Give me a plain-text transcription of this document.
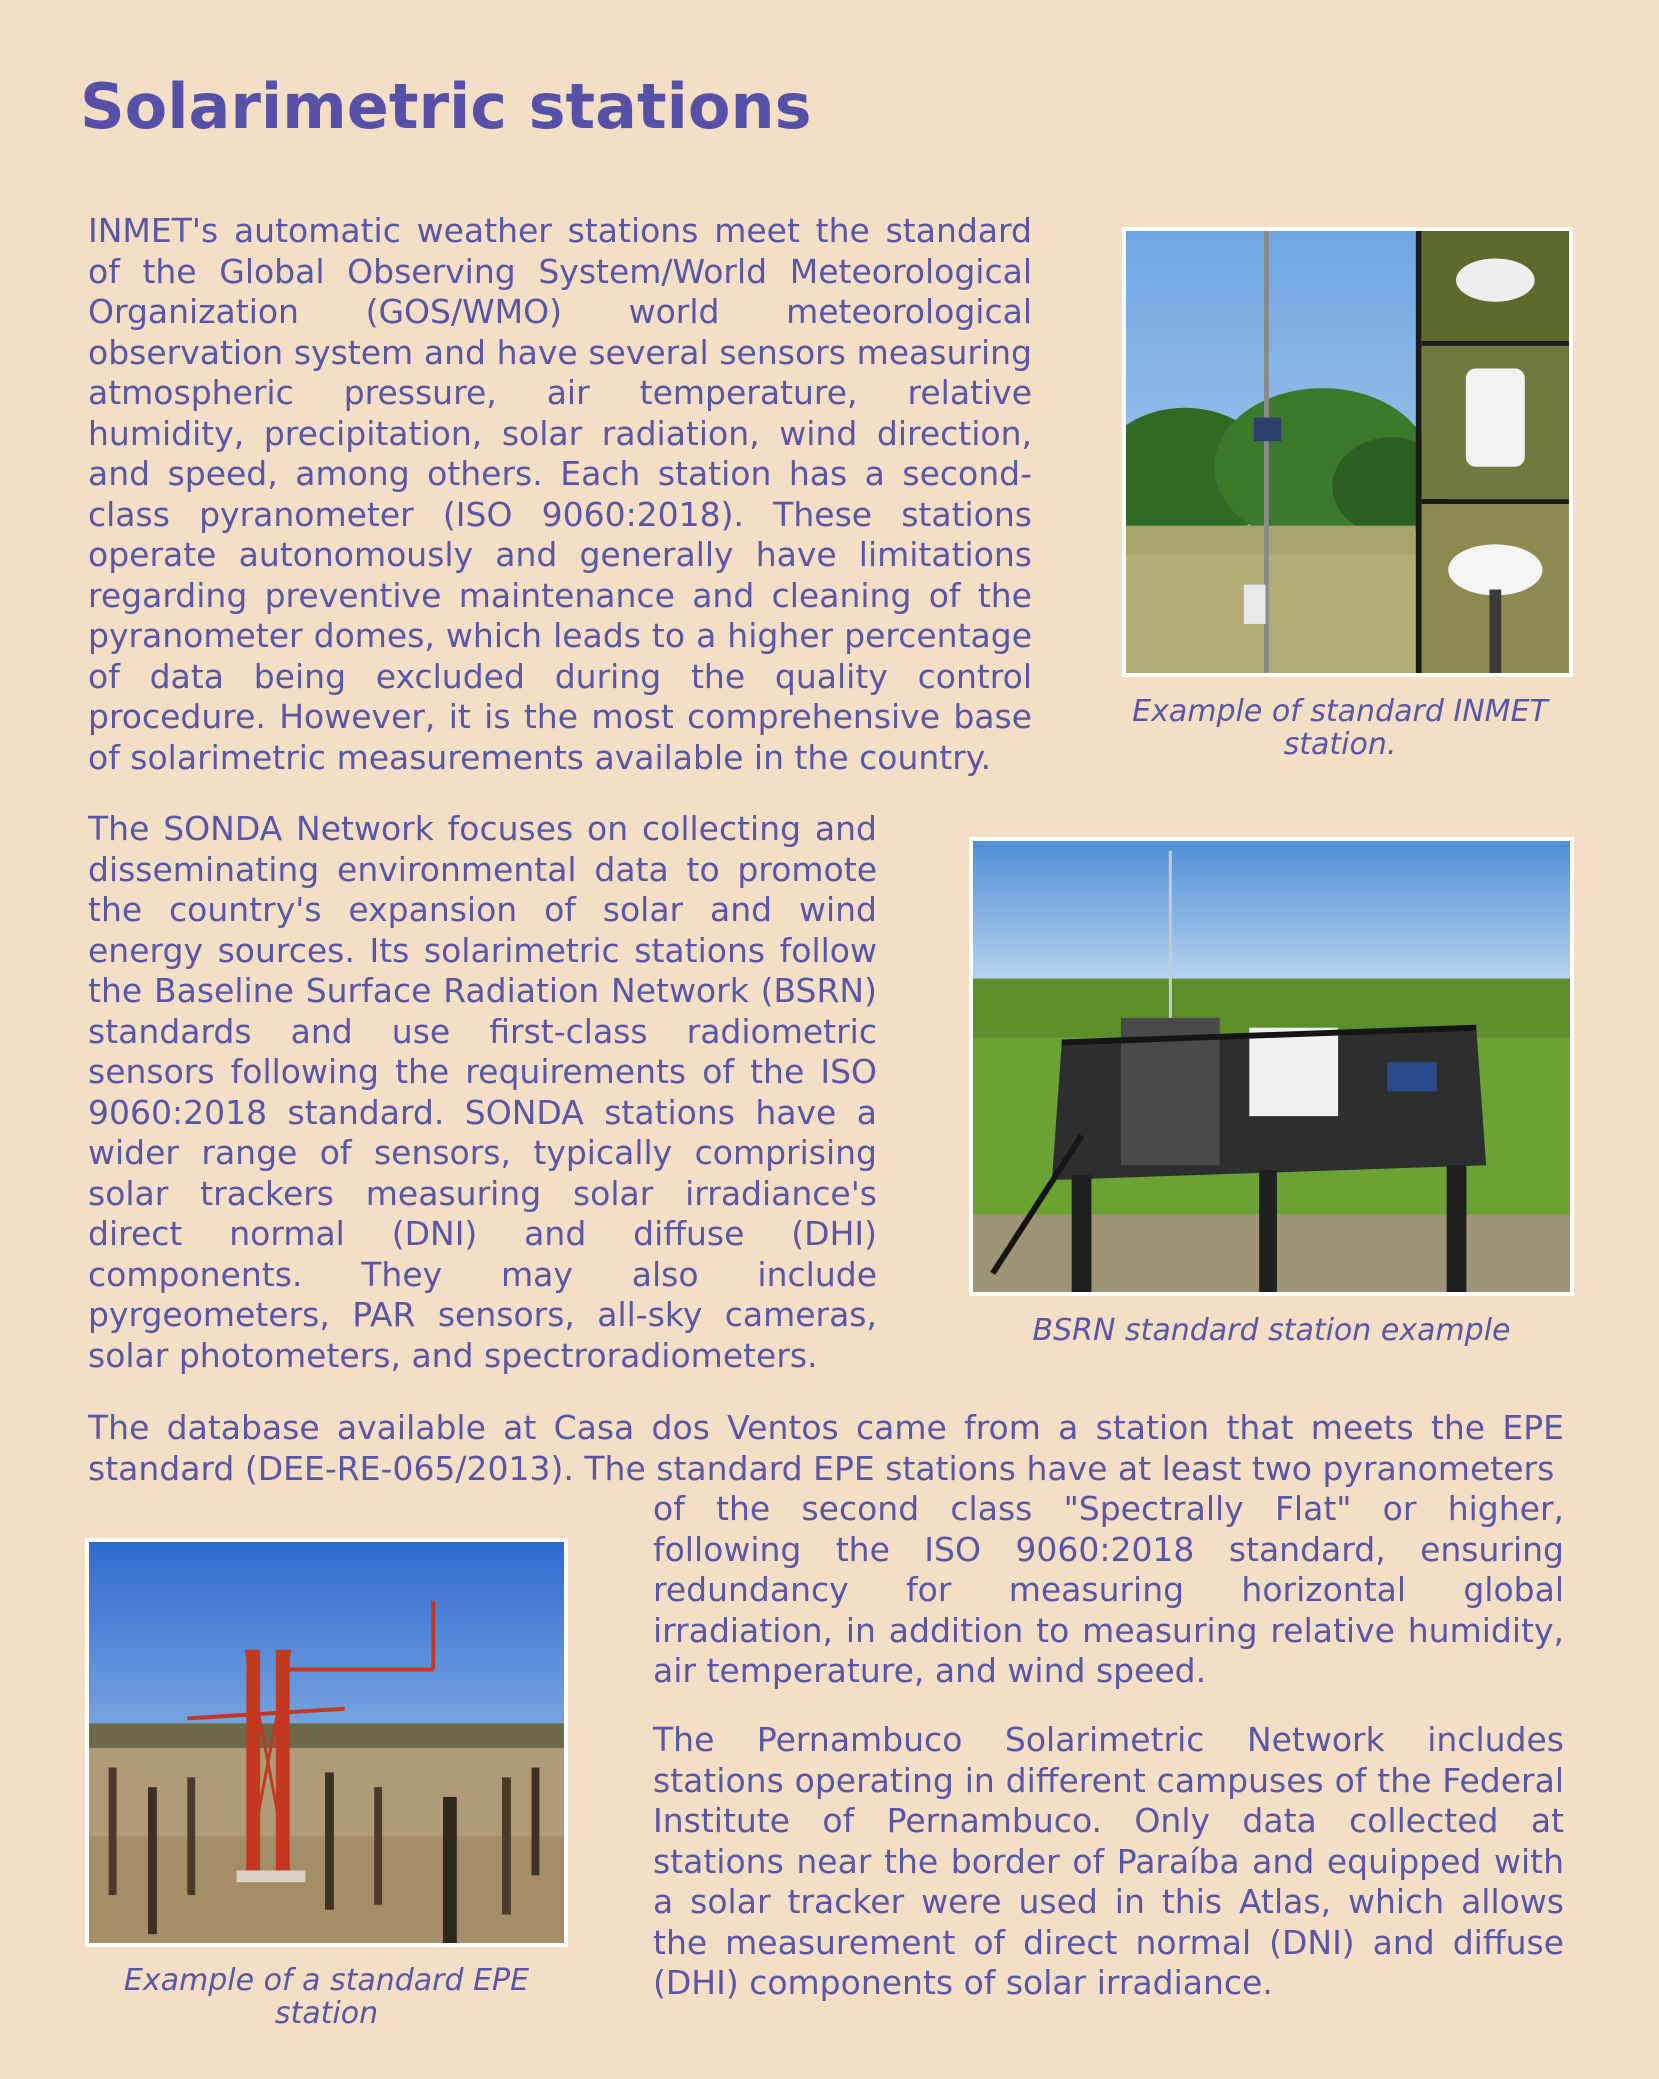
Solarimetric stations

INMET's automatic weather stations meet the standard of the Global Observing System/World Meteorological Organization (GOS/WMO) world meteorological observation system and have several sensors measuring atmospheric pressure, air temperature, relative humidity, precipitation, solar radiation, wind direction, and speed, among others. Each station has a second-class pyranometer (ISO 9060:2018). These stations operate autonomously and generally have limitations regarding preventive maintenance and cleaning of the pyranometer domes, which leads to a higher percentage of data being excluded during the quality control procedure. However, it is the most comprehensive base of solarimetric measurements available in the country.

Example of standard INMET station.

The SONDA Network focuses on collecting and disseminating environmental data to promote the country's expansion of solar and wind energy sources. Its solarimetric stations follow the Baseline Surface Radiation Network (BSRN) standards and use first-class radiometric sensors following the requirements of the ISO 9060:2018 standard. SONDA stations have a wider range of sensors, typically comprising solar trackers measuring solar irradiance's direct normal (DNI) and diffuse (DHI) components. They may also include pyrgeometers, PAR sensors, all-sky cameras, solar photometers, and spectroradiometers.

BSRN standard station example

The database available at Casa dos Ventos came from a station that meets the EPE standard (DEE-RE-065/2013). The standard EPE stations have at least two pyranometers

of the second class "Spectrally Flat" or higher, following the ISO 9060:2018 standard, ensuring redundancy for measuring horizontal global irradiation, in addition to measuring relative humidity, air temperature, and wind speed.

Example of a standard EPE station

The Pernambuco Solarimetric Network includes stations operating in different campuses of the Federal Institute of Pernambuco. Only data collected at stations near the border of Paraíba and equipped with a solar tracker were used in this Atlas, which allows the measurement of direct normal (DNI) and diffuse (DHI) components of solar irradiance.
